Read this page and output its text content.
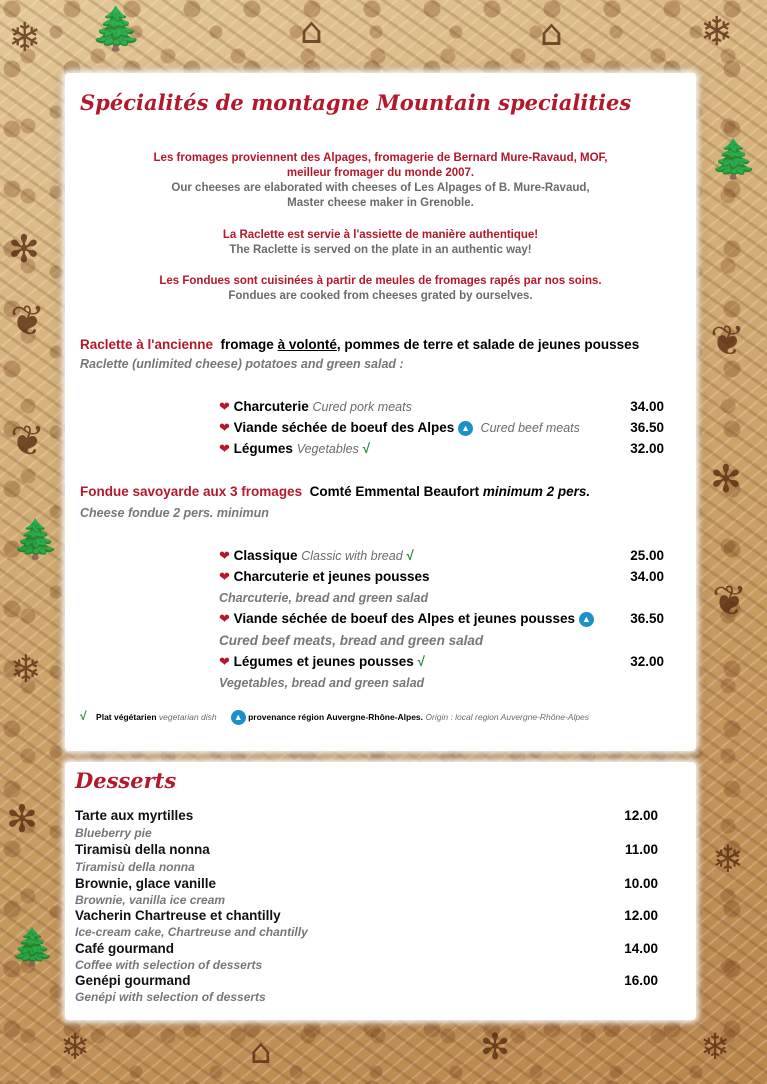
❄ 🌲	⌂	⌂	❄
❦
✻
❦
🌲
❄
🌲
❦
✻
❦
❄
✻
🌲
❄	⌂	✻	❄
Spécialités de montagne Mountain specialities
Les fromages proviennent des Alpages, fromagerie de Bernard Mure-Ravaud, MOF,
meilleur fromager du monde 2007.
Our cheeses are elaborated with cheeses of Les Alpages of B. Mure-Ravaud,
Master cheese maker in Grenoble.
La Raclette est servie à l'assiette de manière authentique!
The Raclette is served on the plate in an authentic way!
Les Fondues sont cuisinées à partir de meules de fromages rapés par nos soins.
Fondues are cooked from cheeses grated by ourselves.
Raclette à l'ancienne fromage à volonté, pommes de terre et salade de jeunes pousses
Raclette (unlimited cheese) potatoes and green salad :
❤ Charcuterie Cured pork meats	34.00
❤ Viande séchée de boeuf des Alpes ▲ Cured beef meats	36.50
❤ Légumes Vegetables √	32.00
Fondue savoyarde aux 3 fromages Comté Emmental Beaufort minimum 2 pers.
Cheese fondue 2 pers. minimun
❤ Classique Classic with bread √	25.00
❤ Charcuterie et jeunes pousses	34.00
Charcuterie, bread and green salad
❤ Viande séchée de boeuf des Alpes et jeunes pousses ▲	36.50
Cured beef meats, bread and green salad
❤ Légumes et jeunes pousses √	32.00
Vegetables, bread and green salad
√ Plat végétarien vegetarian dish ▲ provenance région Auvergne-Rhône-Alpes. Origin : local region Auvergne-Rhône-Alpes
Desserts
Tarte aux myrtilles	12.00
Blueberry pie
Tiramisù della nonna	11.00
Tiramisù della nonna
Brownie, glace vanille	10.00
Brownie, vanilla ice cream
Vacherin Chartreuse et chantilly	12.00
Ice-cream cake, Chartreuse and chantilly
Café gourmand	14.00
Coffee with selection of desserts
Genépi gourmand	16.00
Genépi with selection of desserts
